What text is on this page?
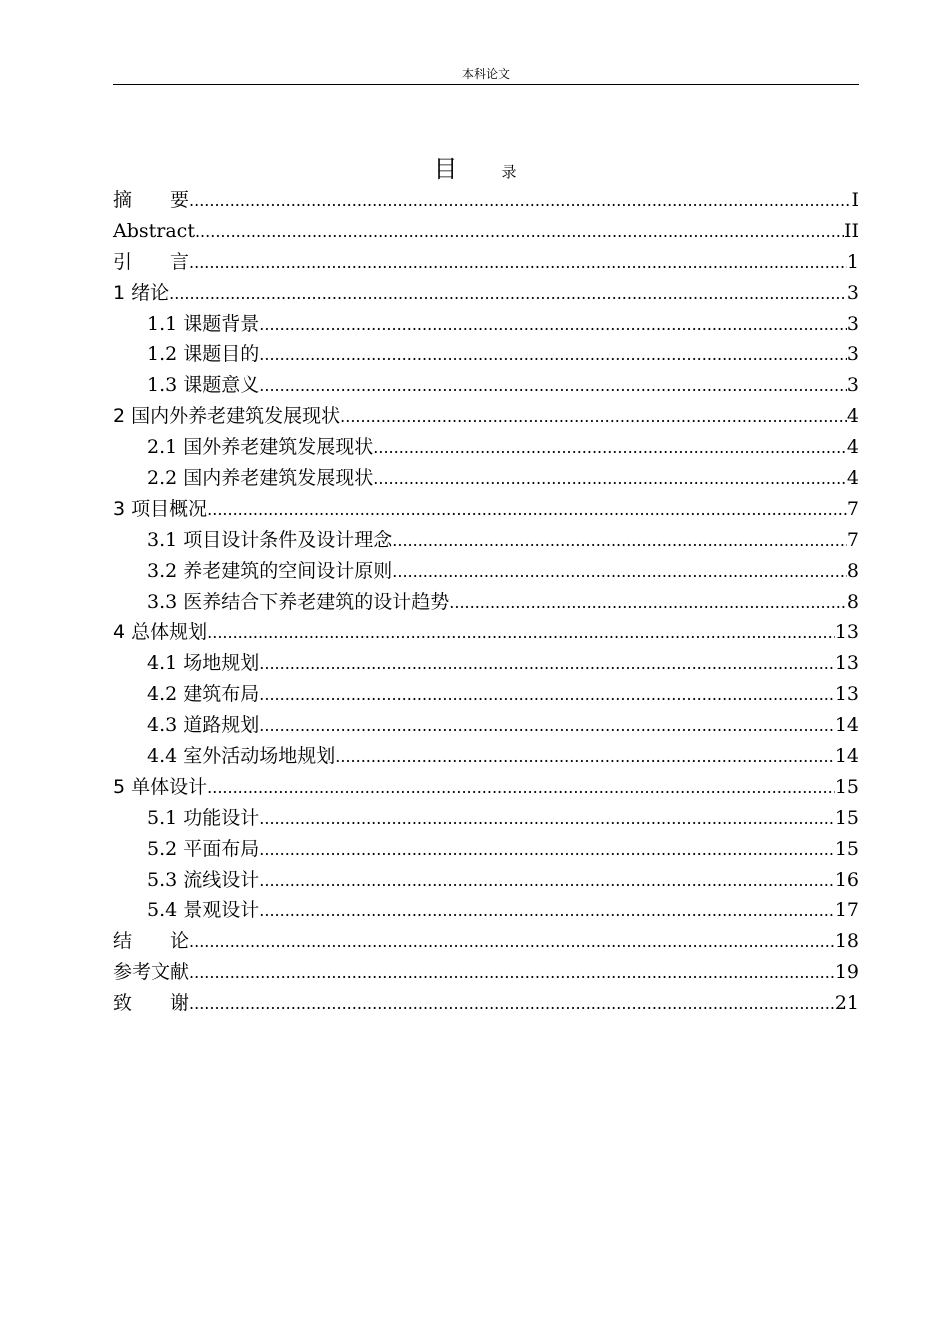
本科论文
目	录
摘　　要 .....	I
Abstract .....	II
引　　言 .....	1
1 绪论 .....	3
1.1 课题背景 .....	3
1.2 课题目的 .....	3
1.3 课题意义 .....	3
2 国内外养老建筑发展现状 .....	4
2.1 国外养老建筑发展现状 .....	4
2.2 国内养老建筑发展现状 .....	4
3 项目概况 .....	7
3.1 项目设计条件及设计理念 .....	7
3.2 养老建筑的空间设计原则 .....	8
3.3 医养结合下养老建筑的设计趋势 .....	8
4 总体规划 .....	13
4.1 场地规划 .....	13
4.2 建筑布局 .....	13
4.3 道路规划 .....	14
4.4 室外活动场地规划 .....	14
5 单体设计 .....	15
5.1 功能设计 .....	15
5.2 平面布局 .....	15
5.3 流线设计 .....	16
5.4 景观设计 .....	17
结　　论 .....	18
参考文献 .....	19
致　　谢 .....	21
